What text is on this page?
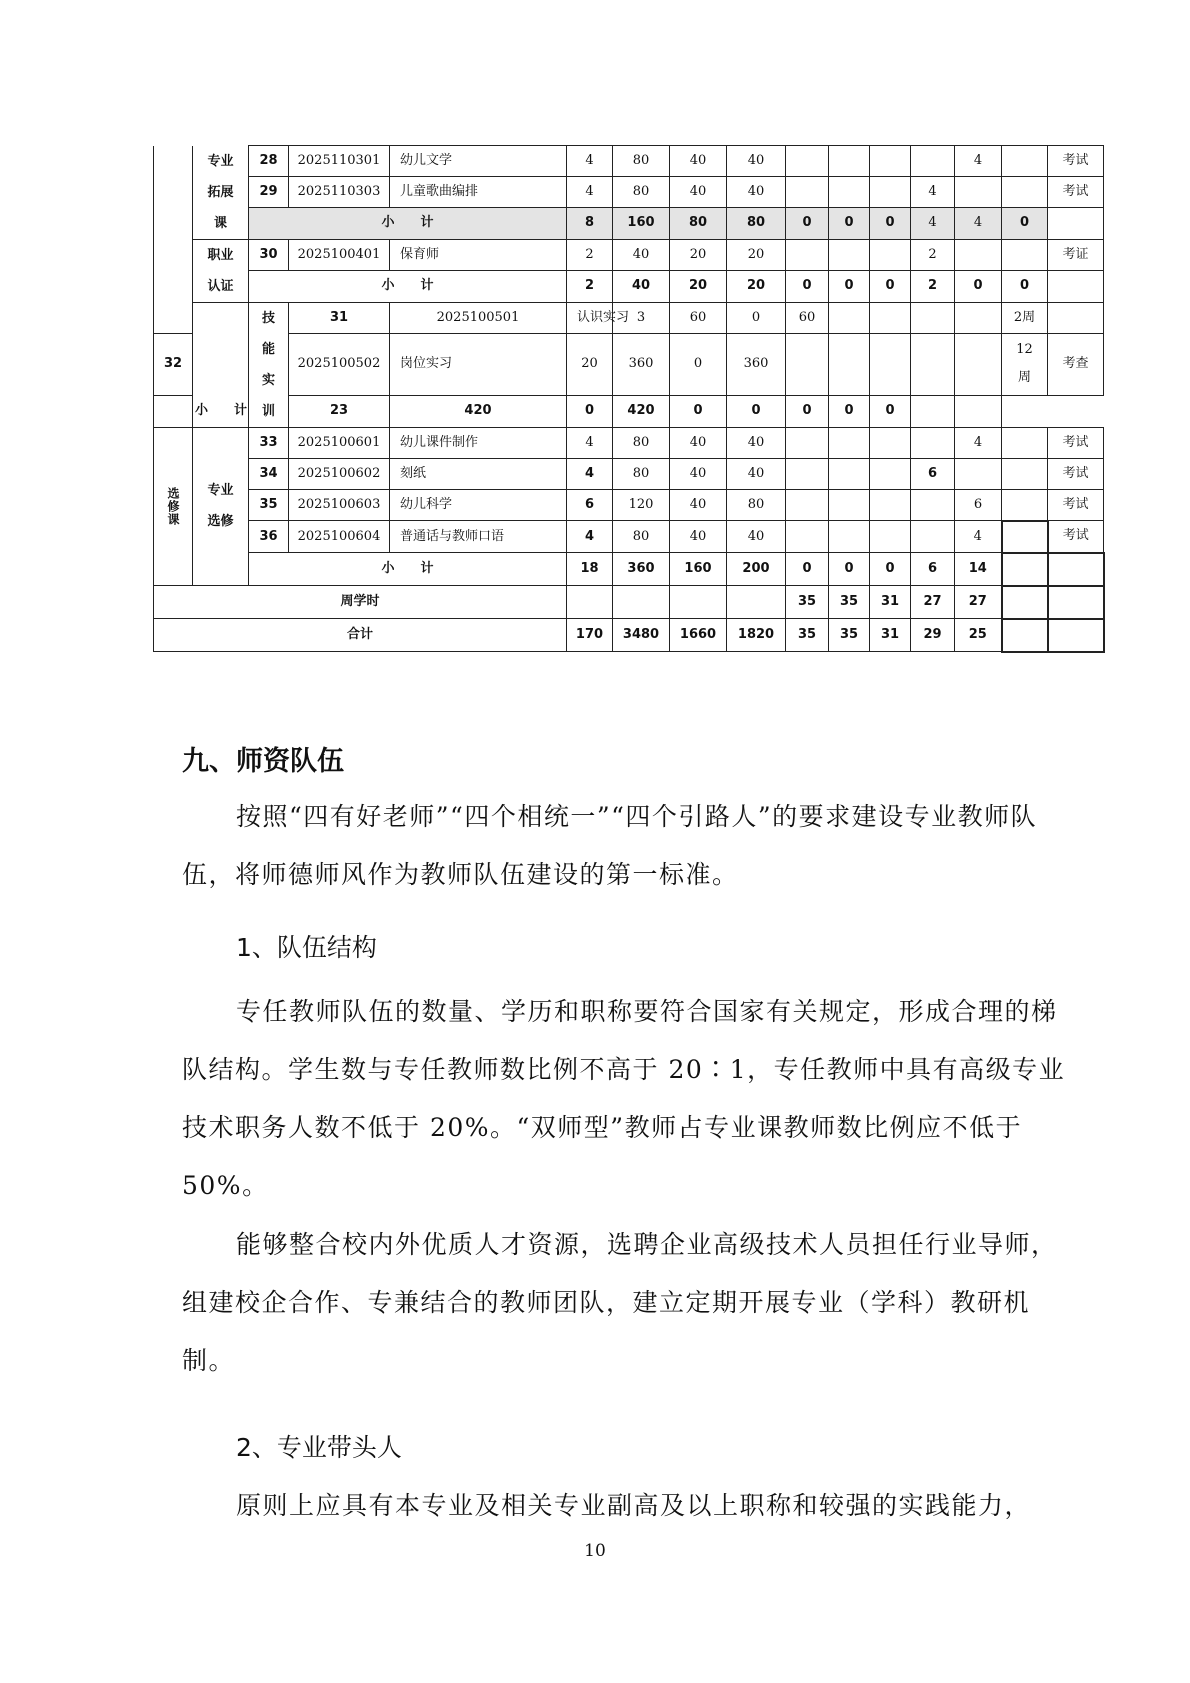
	专业拓展课	28	2025110301	幼儿文学	4	80	40	40					4		考试	
		29	2025110303	儿童歌曲编排	4	80	40	40				4			考试	
		小　　计			8	160	80	80	0	0	0	4	4	0		
	职业认证	30	2025100401	保育师	2	40	20	20				2			考证	
		小　　计			2	40	20	20	0	0	0	2	0	0		
		技能实训	31	2025100501	认识实习	3	60	0	60					2周		
32			2025100502	岗位实习	20	360	0	360						12周	考查	
小　　计			23	420	0	420	0	0	0	0	0					
选修课	专业选修	33	2025100601	幼儿课件制作	4	80	40	40					4		考试	
		34	2025100602	刻纸	4	80	40	40				6			考试	
		35	2025100603	幼儿科学	6	120	40	80					6		考试	
		36	2025100604	普通话与教师口语	4	80	40	40					4		考试	
		小　　计			18	360	160	200	0	0	0	6	14			
周学时									35	35	31	27	27			
合计					170	3480	1660	1820	35	35	31	29	25			
九、师资队伍

按照“四有好老师”“四个相统一”“四个引路人”的要求建设专业教师队伍，将师德师风作为教师队伍建设的第一标准。

1、队伍结构

专任教师队伍的数量、学历和职称要符合国家有关规定，形成合理的梯队结构。学生数与专任教师数比例不高于 20∶1，专任教师中具有高级专业技术职务人数不低于 20%。“双师型”教师占专业课教师数比例应不低于 50%。

能够整合校内外优质人才资源，选聘企业高级技术人员担任行业导师，组建校企合作、专兼结合的教师团队，建立定期开展专业（学科）教研机制。

2、专业带头人

原则上应具有本专业及相关专业副高及以上职称和较强的实践能力，

10
